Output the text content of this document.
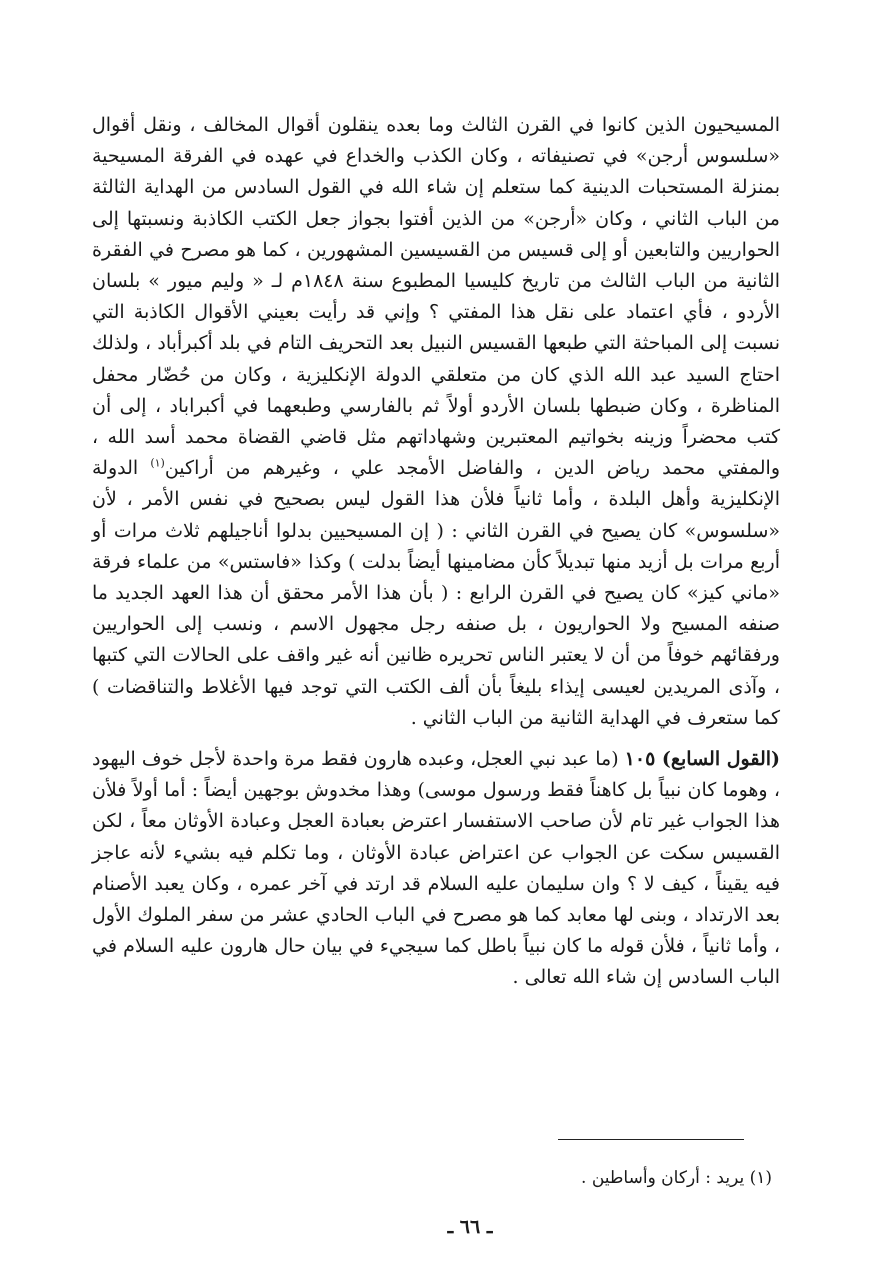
المسيحيون الذين كانوا في القرن الثالث وما بعده ينقلون أقوال المخالف ، ونقل أقوال «سلسوس أرجن» في تصنيفاته ، وكان الكذب والخداع في عهده في الفرقة المسيحية بمنزلة المستحبات الدينية كما ستعلم إن شاء الله في القول السادس من الهداية الثالثة من الباب الثاني ، وكان «أرجن» من الذين أفتوا بجواز جعل الكتب الكاذبة ونسبتها إلى الحواريين والتابعين أو إلى قسيس من القسيسين المشهورين ، كما هو مصرح في الفقرة الثانية من الباب الثالث من تاريخ كليسيا المطبوع سنة ١٨٤٨م لـ « وليم ميور » بلسان الأردو ، فأي اعتماد على نقل هذا المفتي ؟ وإني قد رأيت بعيني الأقوال الكاذبة التي نسبت إلى المباحثة التي طبعها القسيس النبيل بعد التحريف التام في بلد أكبرأباد ، ولذلك احتاج السيد عبد الله الذي كان من متعلقي الدولة الإنكليزية ، وكان من حُضّار محفل المناظرة ، وكان ضبطها بلسان الأردو أولاً ثم بالفارسي وطبعهما في أكبراباد ، إلى أن كتب محضراً وزينه بخواتيم المعتبرين وشهاداتهم مثل قاضي القضاة محمد أسد الله ، والمفتي محمد رياض الدين ، والفاضل الأمجد علي ، وغيرهم من أراكين$^{(١)}$ الدولة الإنكليزية وأهل البلدة ، وأما ثانياً فلأن هذا القول ليس بصحيح في نفس الأمر ، لأن «سلسوس» كان يصيح في القرن الثاني : ( إن المسيحيين بدلوا أناجيلهم ثلاث مرات أو أربع مرات بل أزيد منها تبديلاً كأن مضامينها أيضاً بدلت ) وكذا «فاستس» من علماء فرقة «ماني كيز» كان يصيح في القرن الرابع : ( بأن هذا الأمر محقق أن هذا العهد الجديد ما صنفه المسيح ولا الحواريون ، بل صنفه رجل مجهول الاسم ، ونسب إلى الحواريين ورفقائهم خوفاً من أن لا يعتبر الناس تحريره ظانين أنه غير واقف على الحالات التي كتبها ، وآذى المريدين لعيسى إيذاء بليغاً بأن ألف الكتب التي توجد فيها الأغلاط والتناقضات ) كما ستعرف في الهداية الثانية من الباب الثاني .

(القول السابع) ١٠٥ (ما عبد نبي العجل، وعبده هارون فقط مرة واحدة لأجل خوف اليهود ، وهوما كان نبياً بل كاهناً فقط ورسول موسى) وهذا مخدوش بوجهين أيضاً : أما أولاً فلأن هذا الجواب غير تام لأن صاحب الاستفسار اعترض بعبادة العجل وعبادة الأوثان معاً ، لكن القسيس سكت عن الجواب عن اعتراض عبادة الأوثان ، وما تكلم فيه بشيء لأنه عاجز فيه يقيناً ، كيف لا ؟ وان سليمان عليه السلام قد ارتد في آخر عمره ، وكان يعبد الأصنام بعد الارتداد ، وبنى لها معابد كما هو مصرح في الباب الحادي عشر من سفر الملوك الأول ، وأما ثانياً ، فلأن قوله ما كان نبياً باطل كما سيجيء في بيان حال هارون عليه السلام في الباب السادس إن شاء الله تعالى .

(١) يريد : أركان وأساطين .
ـ ٦٦ ـ
